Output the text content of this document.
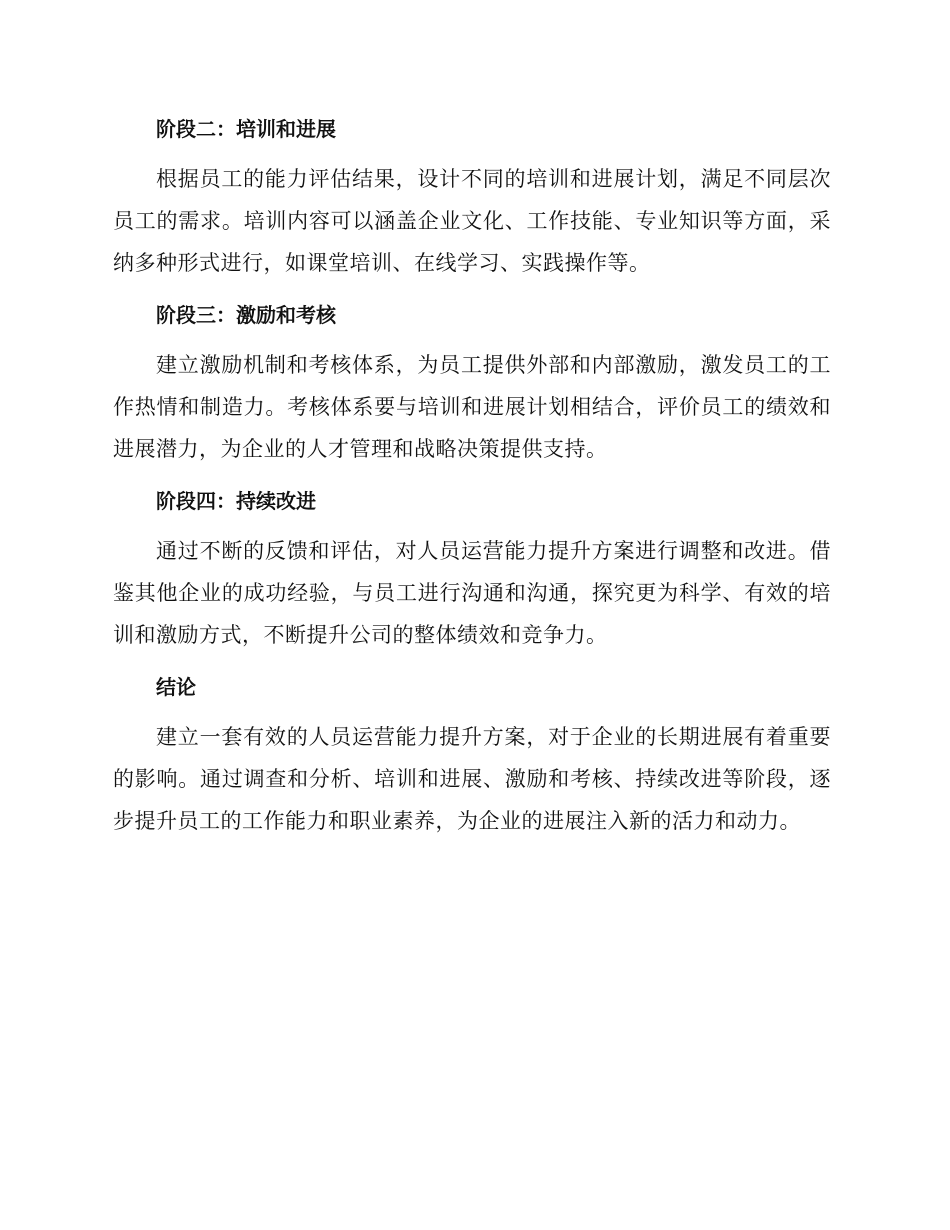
阶段二：培训和进展

根据员工的能力评估结果，设计不同的培训和进展计划，满足不同层次员工的需求。培训内容可以涵盖企业文化、工作技能、专业知识等方面，采纳多种形式进行，如课堂培训、在线学习、实践操作等。

阶段三：激励和考核

建立激励机制和考核体系，为员工提供外部和内部激励，激发员工的工作热情和制造力。考核体系要与培训和进展计划相结合，评价员工的绩效和进展潜力，为企业的人才管理和战略决策提供支持。

阶段四：持续改进

通过不断的反馈和评估，对人员运营能力提升方案进行调整和改进。借鉴其他企业的成功经验，与员工进行沟通和沟通，探究更为科学、有效的培训和激励方式，不断提升公司的整体绩效和竞争力。

结论

建立一套有效的人员运营能力提升方案，对于企业的长期进展有着重要的影响。通过调查和分析、培训和进展、激励和考核、持续改进等阶段，逐步提升员工的工作能力和职业素养，为企业的进展注入新的活力和动力。
